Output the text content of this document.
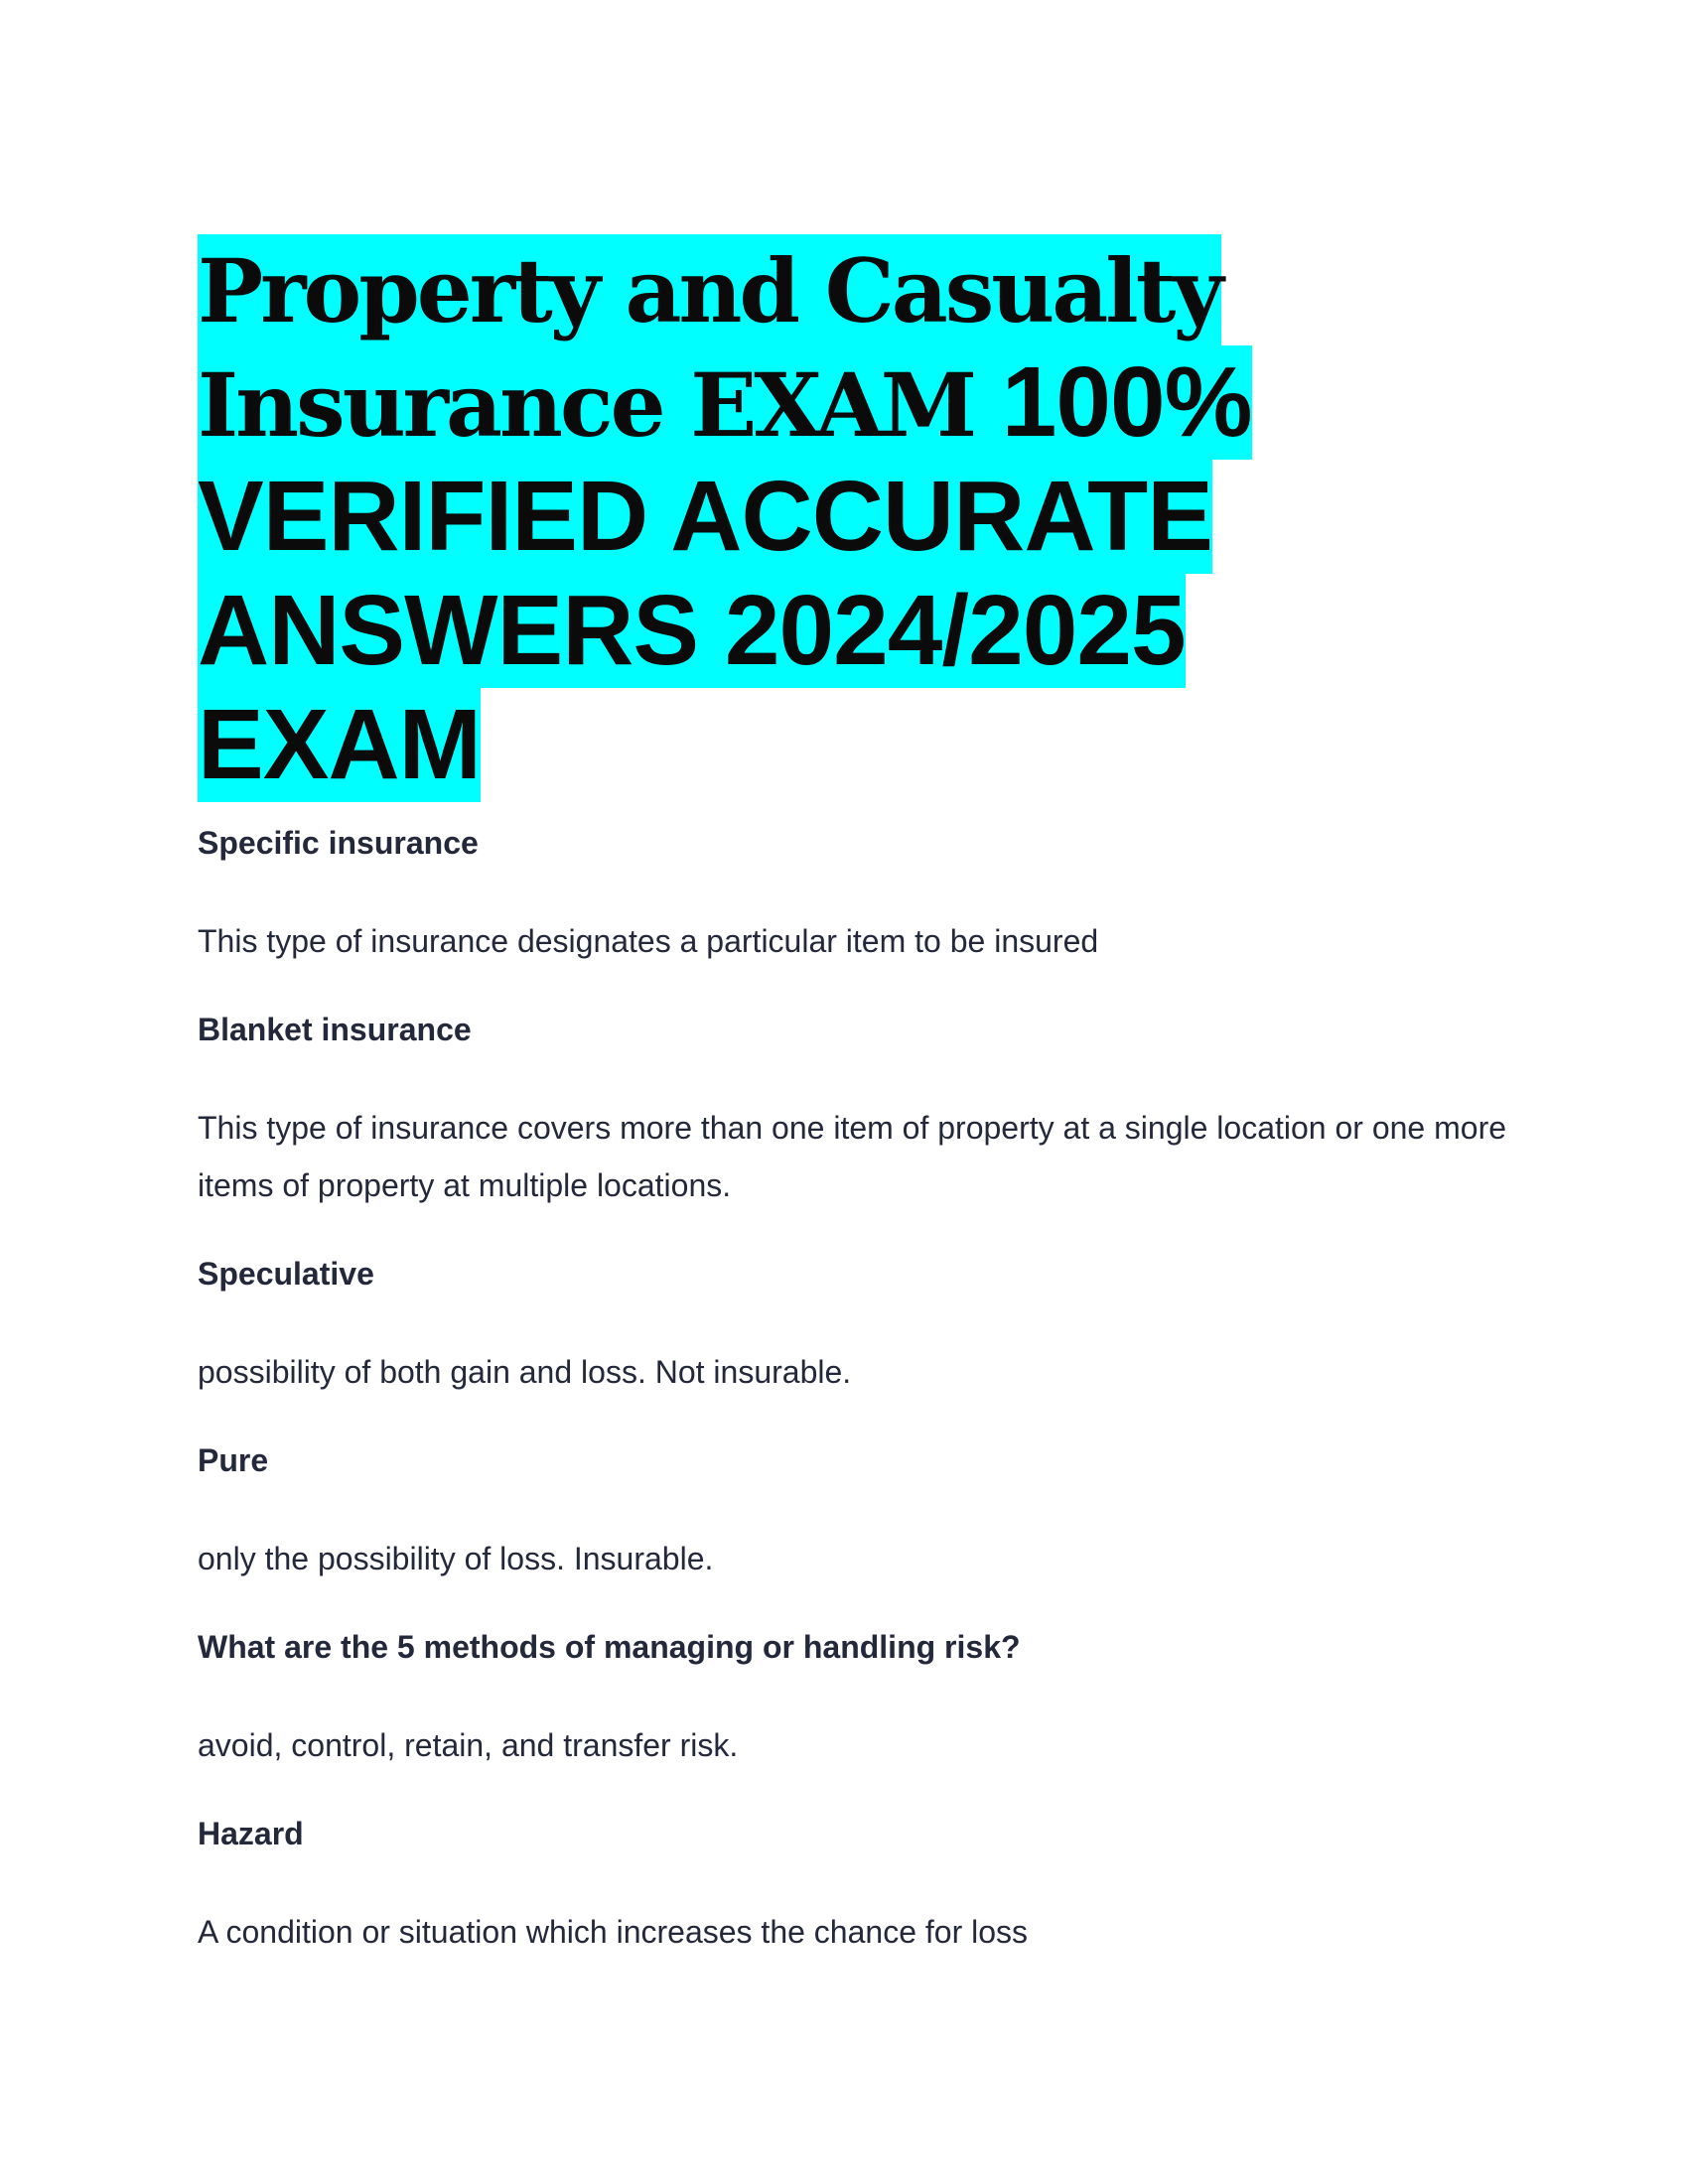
Property and Casualty
Insurance EXAM 100%
VERIFIED ACCURATE
ANSWERS 2024/2025
EXAM

Specific insurance

This type of insurance designates a particular item to be insured

Blanket insurance

This type of insurance covers more than one item of property at a single location or one more items of property at multiple locations.

Speculative

possibility of both gain and loss. Not insurable.

Pure

only the possibility of loss. Insurable.

What are the 5 methods of managing or handling risk?

avoid, control, retain, and transfer risk.

Hazard

A condition or situation which increases the chance for loss
